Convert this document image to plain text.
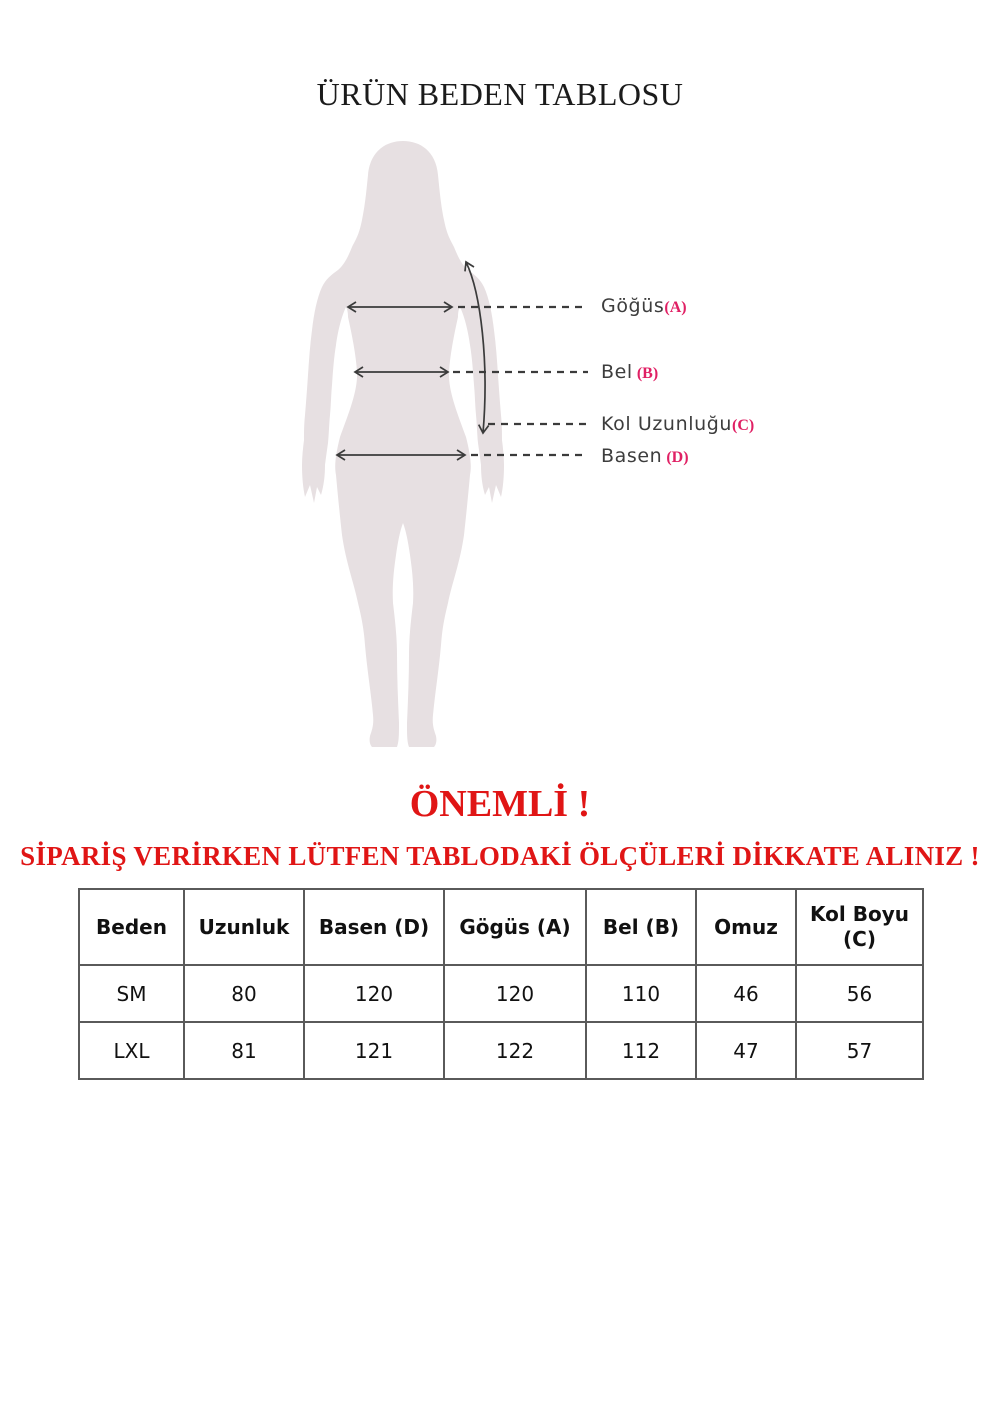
ÜRÜN BEDEN TABLOSU
Göğüs(A)
Bel (B)
Kol Uzunluğu(C)
Basen (D)
ÖNEMLİ !
SİPARİŞ VERİRKEN LÜTFEN TABLODAKİ ÖLÇÜLERİ DİKKATE ALINIZ !
Beden	Uzunluk	Basen (D)	Gögüs (A)	Bel (B)	Omuz	Kol Boyu (C)
SM	80	120	120	110	46	56
LXL	81	121	122	112	47	57
